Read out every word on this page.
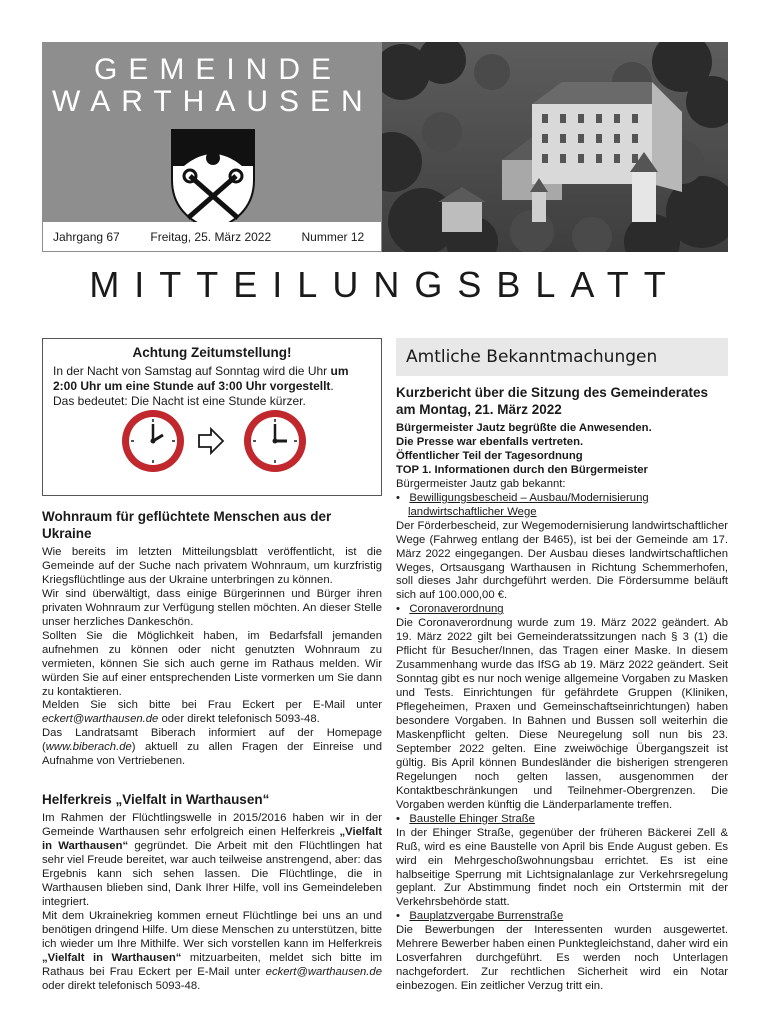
GEMEINDE
WARTHAUSEN
Jahrgang 67	Freitag, 25. März 2022	Nummer 12
MITTEILUNGSBLATT
Achtung Zeitumstellung!
In der Nacht von Samstag auf Sonntag wird die Uhr um 2:00 Uhr um eine Stunde auf 3:00 Uhr vorgestellt.
Das bedeutet: Die Nacht ist eine Stunde kürzer.
Wohnraum für geflüchtete Menschen aus der Ukraine

Wie bereits im letzten Mitteilungsblatt veröffentlicht, ist die Gemeinde auf der Suche nach privatem Wohnraum, um kurzfristig Kriegsflüchtlinge aus der Ukraine unterbringen zu können.
Wir sind überwältigt, dass einige Bürgerinnen und Bürger ihren privaten Wohnraum zur Verfügung stellen möchten. An dieser Stelle unser herzliches Dankeschön.
Sollten Sie die Möglichkeit haben, im Bedarfsfall jemanden aufnehmen zu können oder nicht genutzten Wohnraum zu vermieten, können Sie sich auch gerne im Rathaus melden. Wir würden Sie auf einer entsprechenden Liste vormerken um Sie dann zu kontaktieren.
Melden Sie sich bitte bei Frau Eckert per E-Mail unter eckert@warthausen.de oder direkt telefonisch 5093-48.
Das Landratsamt Biberach informiert auf der Homepage (www.biberach.de) aktuell zu allen Fragen der Einreise und Aufnahme von Vertriebenen.

Helferkreis „Vielfalt in Warthausen“

Im Rahmen der Flüchtlingswelle in 2015/2016 haben wir in der Gemeinde Warthausen sehr erfolgreich einen Helferkreis „Vielfalt in Warthausen“ gegründet. Die Arbeit mit den Flüchtlingen hat sehr viel Freude bereitet, war auch teilweise anstrengend, aber: das Ergebnis kann sich sehen lassen. Die Flüchtlinge, die in Warthausen blieben sind, Dank Ihrer Hilfe, voll ins Gemeindeleben integriert.
Mit dem Ukrainekrieg kommen erneut Flüchtlinge bei uns an und benötigen dringend Hilfe. Um diese Menschen zu unterstützen, bitte ich wieder um Ihre Mithilfe. Wer sich vorstellen kann im Helferkreis „Vielfalt in Warthausen“ mitzuarbeiten, meldet sich bitte im Rathaus bei Frau Eckert per E-Mail unter eckert@warthausen.de oder direkt telefonisch 5093-48.

Amtliche Bekanntmachungen
Kurzbericht über die Sitzung des Gemeinderates am Montag, 21. März 2022
Bürgermeister Jautz begrüßte die Anwesenden.
Die Presse war ebenfalls vertreten.
Öffentlicher Teil der Tagesordnung
TOP 1. Informationen durch den Bürgermeister
Bürgermeister Jautz gab bekannt:
•   Bewilligungsbescheid – Ausbau/Modernisierung landwirtschaftlicher Wege

Der Förderbescheid, zur Wegemodernisierung landwirtschaftlicher Wege (Fahrweg entlang der B465), ist bei der Gemeinde am 17. März 2022 eingegangen. Der Ausbau dieses landwirtschaftlichen Weges, Ortsausgang Warthausen in Richtung Schemmerhofen, soll dieses Jahr durchgeführt werden. Die Fördersumme beläuft sich auf 100.000,00 €.

•   Coronaverordnung

Die Coronaverordnung wurde zum 19. März 2022 geändert. Ab 19. März 2022 gilt bei Gemeinderatssitzungen nach § 3 (1) die Pflicht für Besucher/Innen, das Tragen einer Maske. In diesem Zusammenhang wurde das IfSG ab 19. März 2022 geändert. Seit Sonntag gibt es nur noch wenige allgemeine Vorgaben zu Masken und Tests. Einrichtungen für gefährdete Gruppen (Kliniken, Pflegeheimen, Praxen und Gemeinschaftseinrichtungen) haben besondere Vorgaben. In Bahnen und Bussen soll weiterhin die Maskenpflicht gelten. Diese Neuregelung soll nun bis 23. September 2022 gelten. Eine zweiwöchige Übergangszeit ist gültig. Bis April können Bundesländer die bisherigen strengeren Regelungen noch gelten lassen, ausgenommen der Kontaktbeschränkungen und Teilnehmer-Obergrenzen. Die Vorgaben werden künftig die Länderparlamente treffen.

•   Baustelle Ehinger Straße

In der Ehinger Straße, gegenüber der früheren Bäckerei Zell & Ruß, wird es eine Baustelle von April bis Ende August geben. Es wird ein Mehrgeschoßwohnungsbau errichtet. Es ist eine halbseitige Sperrung mit Lichtsignalanlage zur Verkehrsregelung geplant. Zur Abstimmung findet noch ein Ortstermin mit der Verkehrsbehörde statt.

•   Bauplatzvergabe Burrenstraße

Die Bewerbungen der Interessenten wurden ausgewertet. Mehrere Bewerber haben einen Punktegleichstand, daher wird ein Losverfahren durchgeführt. Es werden noch Unterlagen nachgefordert. Zur rechtlichen Sicherheit wird ein Notar einbezogen. Ein zeitlicher Verzug tritt ein.
